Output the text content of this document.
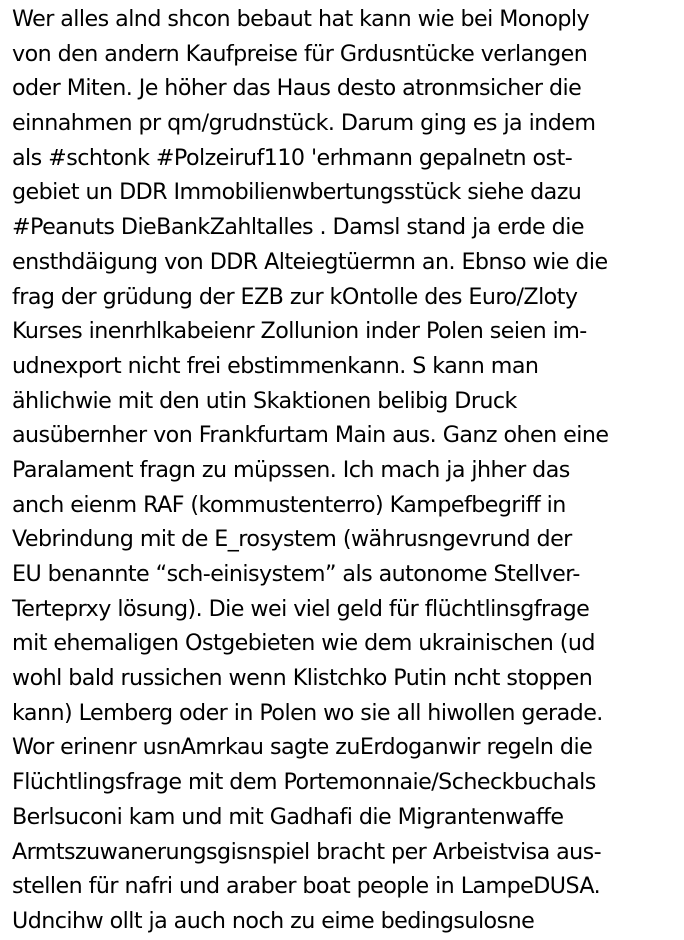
Wer alles alnd shcon bebaut hat kann wie bei Monoply
von den andern Kaufpreise für Grdusntücke verlangen
oder Miten. Je höher das Haus desto atronmsicher die
einnahmen pr qm/grudnstück. Darum ging es ja indem
als #schtonk #Polzeiruf110 'erhmann gepalnetn ost-
gebiet un DDR Immobilienwbertungsstück siehe dazu
#Peanuts DieBankZahltalles . Damsl stand ja erde die
ensthdäigung von DDR Alteiegtüermn an. Ebnso wie die
frag der grüdung der EZB zur kOntolle des Euro/Zloty
Kurses inenrhlkabeienr Zollunion inder Polen seien im-
udnexport nicht frei ebstimmenkann. S kann man
ählichwie mit den utin Skaktionen belibig Druck
ausübernher von Frankfurtam Main aus. Ganz ohen eine
Paralament fragn zu müpssen. Ich mach ja jhher das
anch eienm RAF (kommustenterro) Kampefbegriff in
Vebrindung mit de E_rosystem (währusngevrund der
EU benannte “sch-einisystem” als autonome Stellver-
Terteprxy lösung). Die wei viel geld für flüchtlinsgfrage
mit ehemaligen Ostgebieten wie dem ukrainischen (ud
wohl bald russichen wenn Klistchko Putin ncht stoppen
kann) Lemberg oder in Polen wo sie all hiwollen gerade.
Wor erinenr usnAmrkau sagte zuErdoganwir regeln die
Flüchtlingsfrage mit dem Portemonnaie/Scheckbuchals
Berlsuconi kam und mit Gadhafi die Migrantenwaffe
Armtszuwanerungsgisnspiel bracht per Arbeistvisa aus-
stellen für nafri und araber boat people in LampeDUSA.
Udncihw ollt ja auch noch zu eime bedingsulosne
